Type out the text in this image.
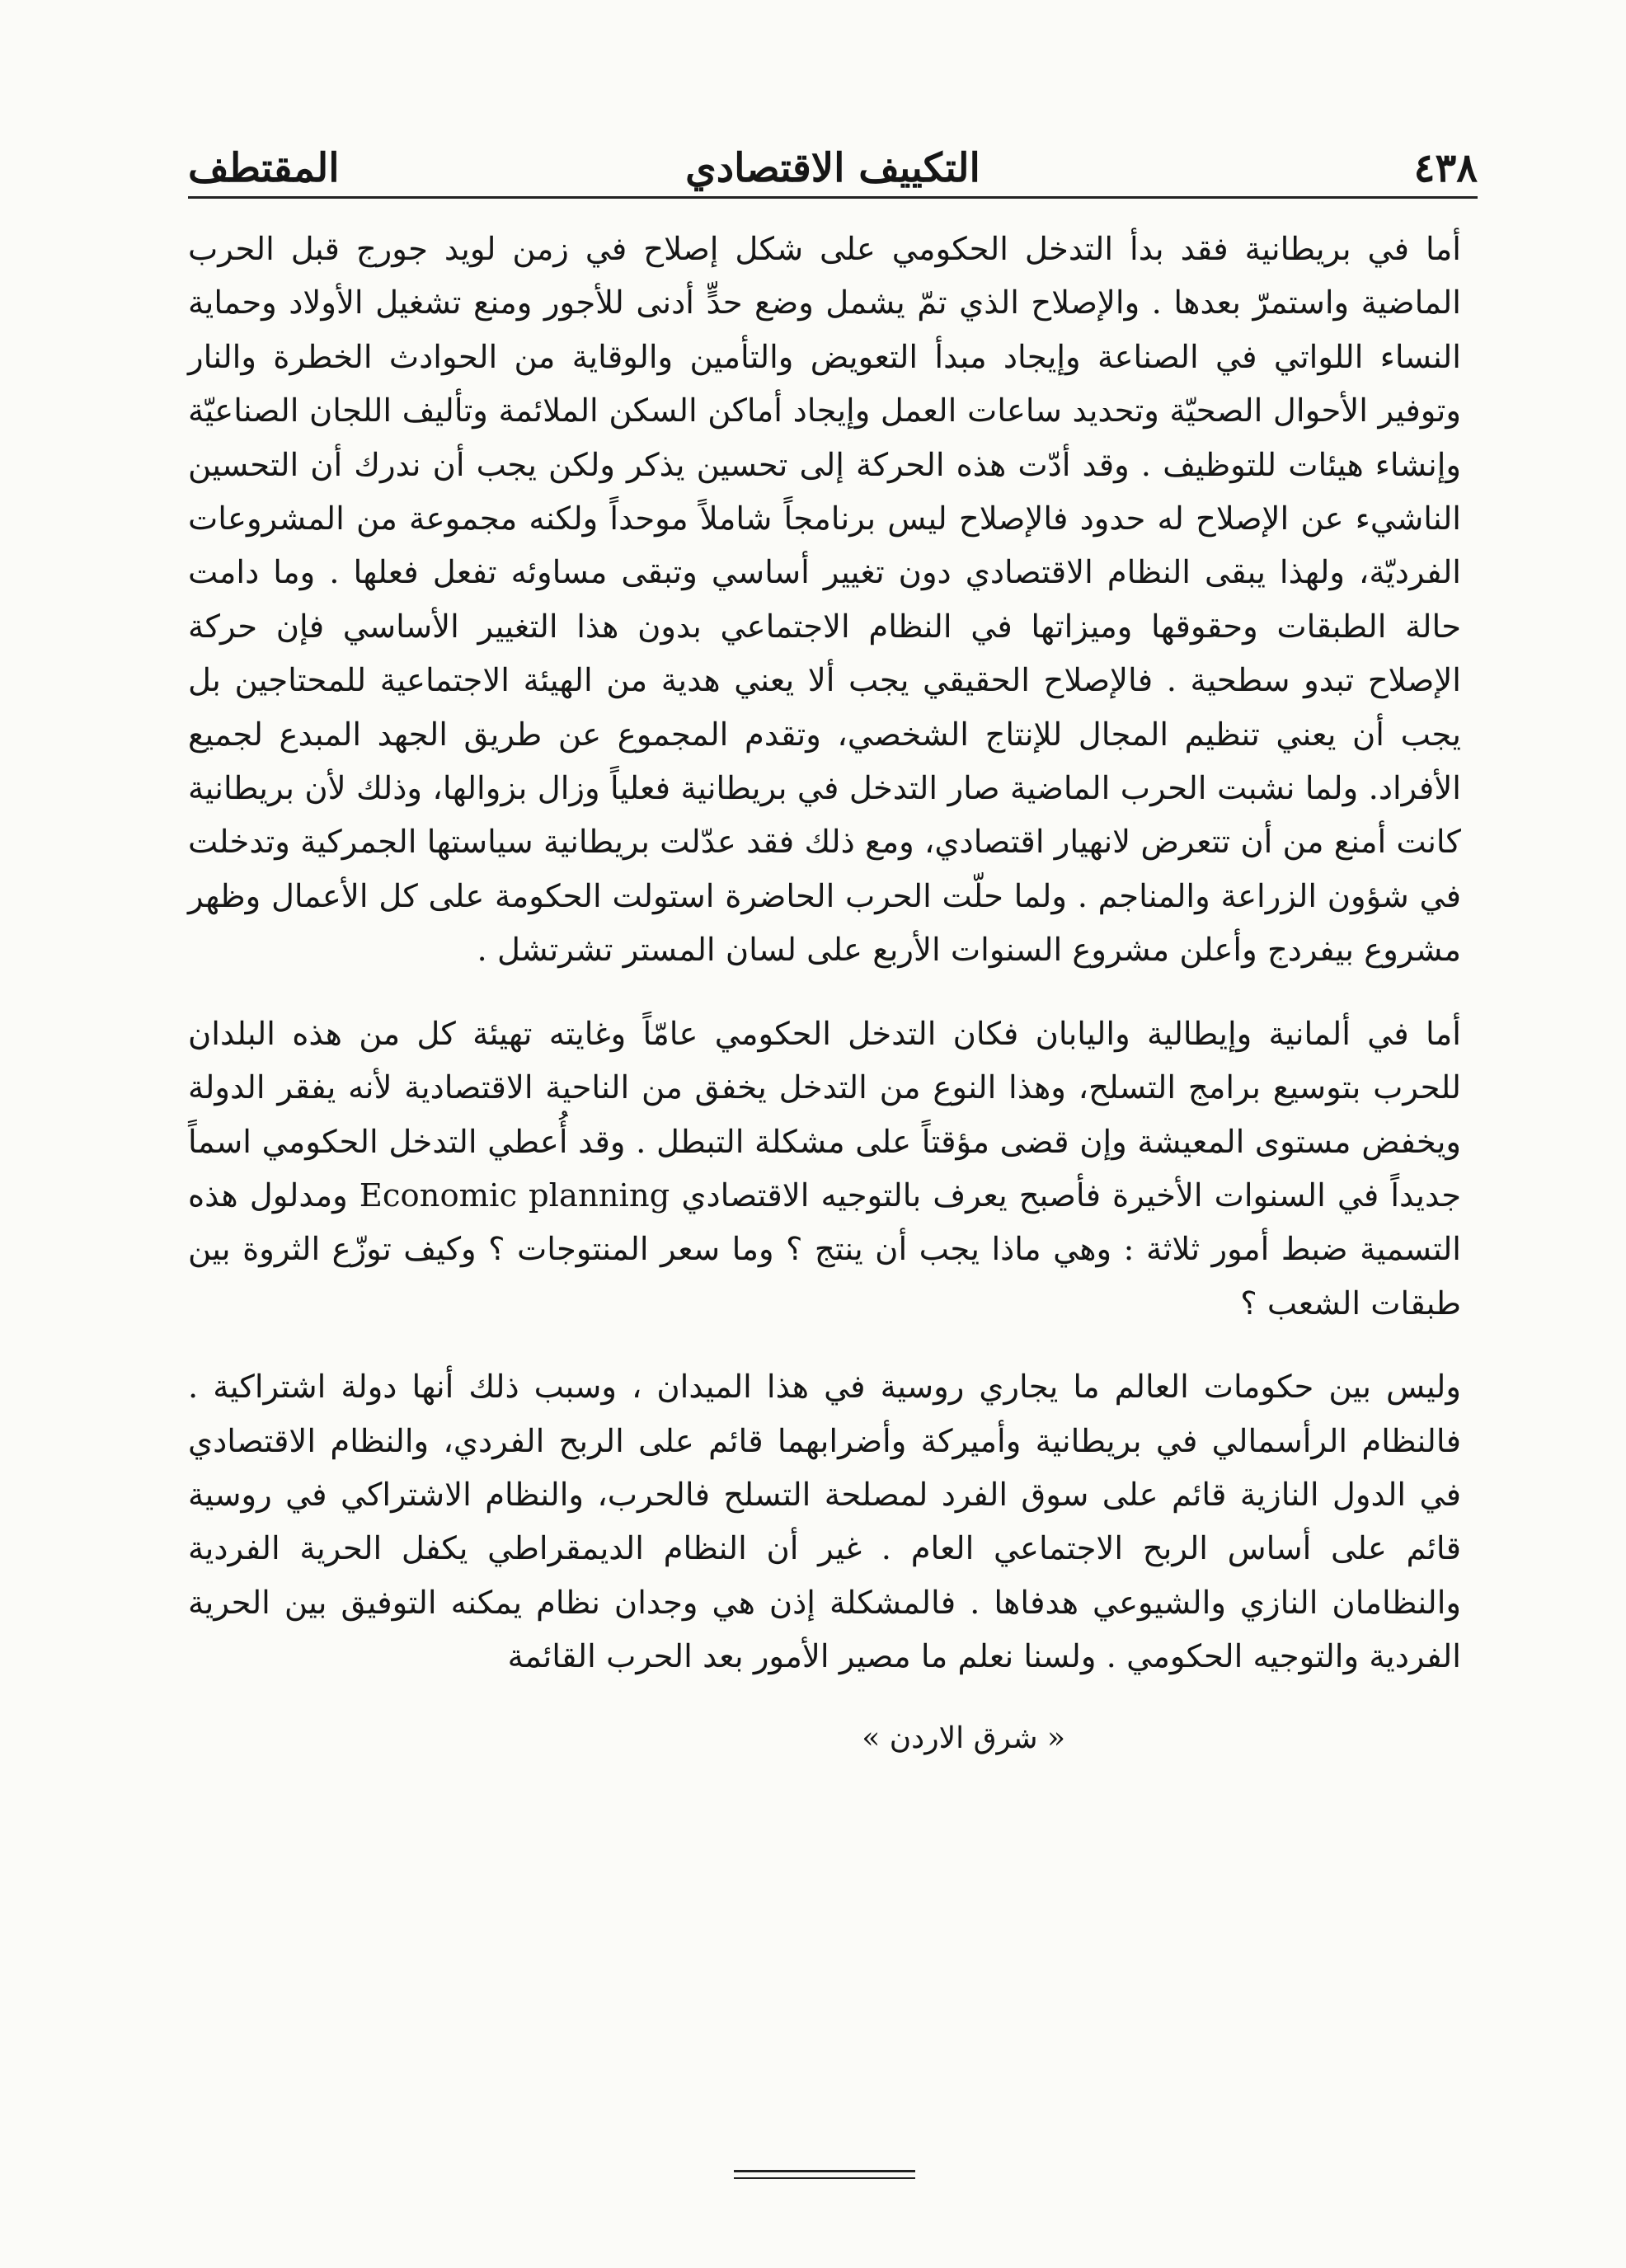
٤٣٨
التكييف الاقتصادي
المقتطف

أما في بريطانية فقد بدأ التدخل الحكومي على شكل إصلاح في زمن لويد جورج قبل الحرب الماضية واستمرّ بعدها . والإصلاح الذي تمّ يشمل وضع حدٍّ أدنى للأجور ومنع تشغيل الأولاد وحماية النساء اللواتي في الصناعة وإيجاد مبدأ التعويض والتأمين والوقاية من الحوادث الخطرة والنار وتوفير الأحوال الصحيّة وتحديد ساعات العمل وإيجاد أماكن السكن الملائمة وتأليف اللجان الصناعيّة وإنشاء هيئات للتوظيف . وقد أدّت هذه الحركة إلى تحسين يذكر ولكن يجب أن ندرك أن التحسين الناشيء عن الإصلاح له حدود فالإصلاح ليس برنامجاً شاملاً موحداً ولكنه مجموعة من المشروعات الفرديّة، ولهذا يبقى النظام الاقتصادي دون تغيير أساسي وتبقى مساوئه تفعل فعلها . وما دامت حالة الطبقات وحقوقها وميزاتها في النظام الاجتماعي بدون هذا التغيير الأساسي فإن حركة الإصلاح تبدو سطحية . فالإصلاح الحقيقي يجب ألا يعني هدية من الهيئة الاجتماعية للمحتاجين بل يجب أن يعني تنظيم المجال للإنتاج الشخصي، وتقدم المجموع عن طريق الجهد المبدع لجميع الأفراد. ولما نشبت الحرب الماضية صار التدخل في بريطانية فعلياً وزال بزوالها، وذلك لأن بريطانية كانت أمنع من أن تتعرض لانهيار اقتصادي، ومع ذلك فقد عدّلت بريطانية سياستها الجمركية وتدخلت في شؤون الزراعة والمناجم . ولما حلّت الحرب الحاضرة استولت الحكومة على كل الأعمال وظهر مشروع بيفردج وأعلن مشروع السنوات الأربع على لسان المستر تشرتشل .

أما في ألمانية وإيطالية واليابان فكان التدخل الحكومي عامّاً وغايته تهيئة كل من هذه البلدان للحرب بتوسيع برامج التسلح، وهذا النوع من التدخل يخفق من الناحية الاقتصادية لأنه يفقر الدولة ويخفض مستوى المعيشة وإن قضى مؤقتاً على مشكلة التبطل . وقد أُعطي التدخل الحكومي اسماً جديداً في السنوات الأخيرة فأصبح يعرف بالتوجيه الاقتصادي Economic planning ومدلول هذه التسمية ضبط أمور ثلاثة : وهي ماذا يجب أن ينتج ؟ وما سعر المنتوجات ؟ وكيف توزّع الثروة بين طبقات الشعب ؟

وليس بين حكومات العالم ما يجاري روسية في هذا الميدان ، وسبب ذلك أنها دولة اشتراكية . فالنظام الرأسمالي في بريطانية وأميركة وأضرابهما قائم على الربح الفردي، والنظام الاقتصادي في الدول النازية قائم على سوق الفرد لمصلحة التسلح فالحرب، والنظام الاشتراكي في روسية قائم على أساس الربح الاجتماعي العام . غير أن النظام الديمقراطي يكفل الحرية الفردية والنظامان النازي والشيوعي هدفاها . فالمشكلة إذن هي وجدان نظام يمكنه التوفيق بين الحرية الفردية والتوجيه الحكومي . ولسنا نعلم ما مصير الأمور بعد الحرب القائمة

« شرق الاردن »
